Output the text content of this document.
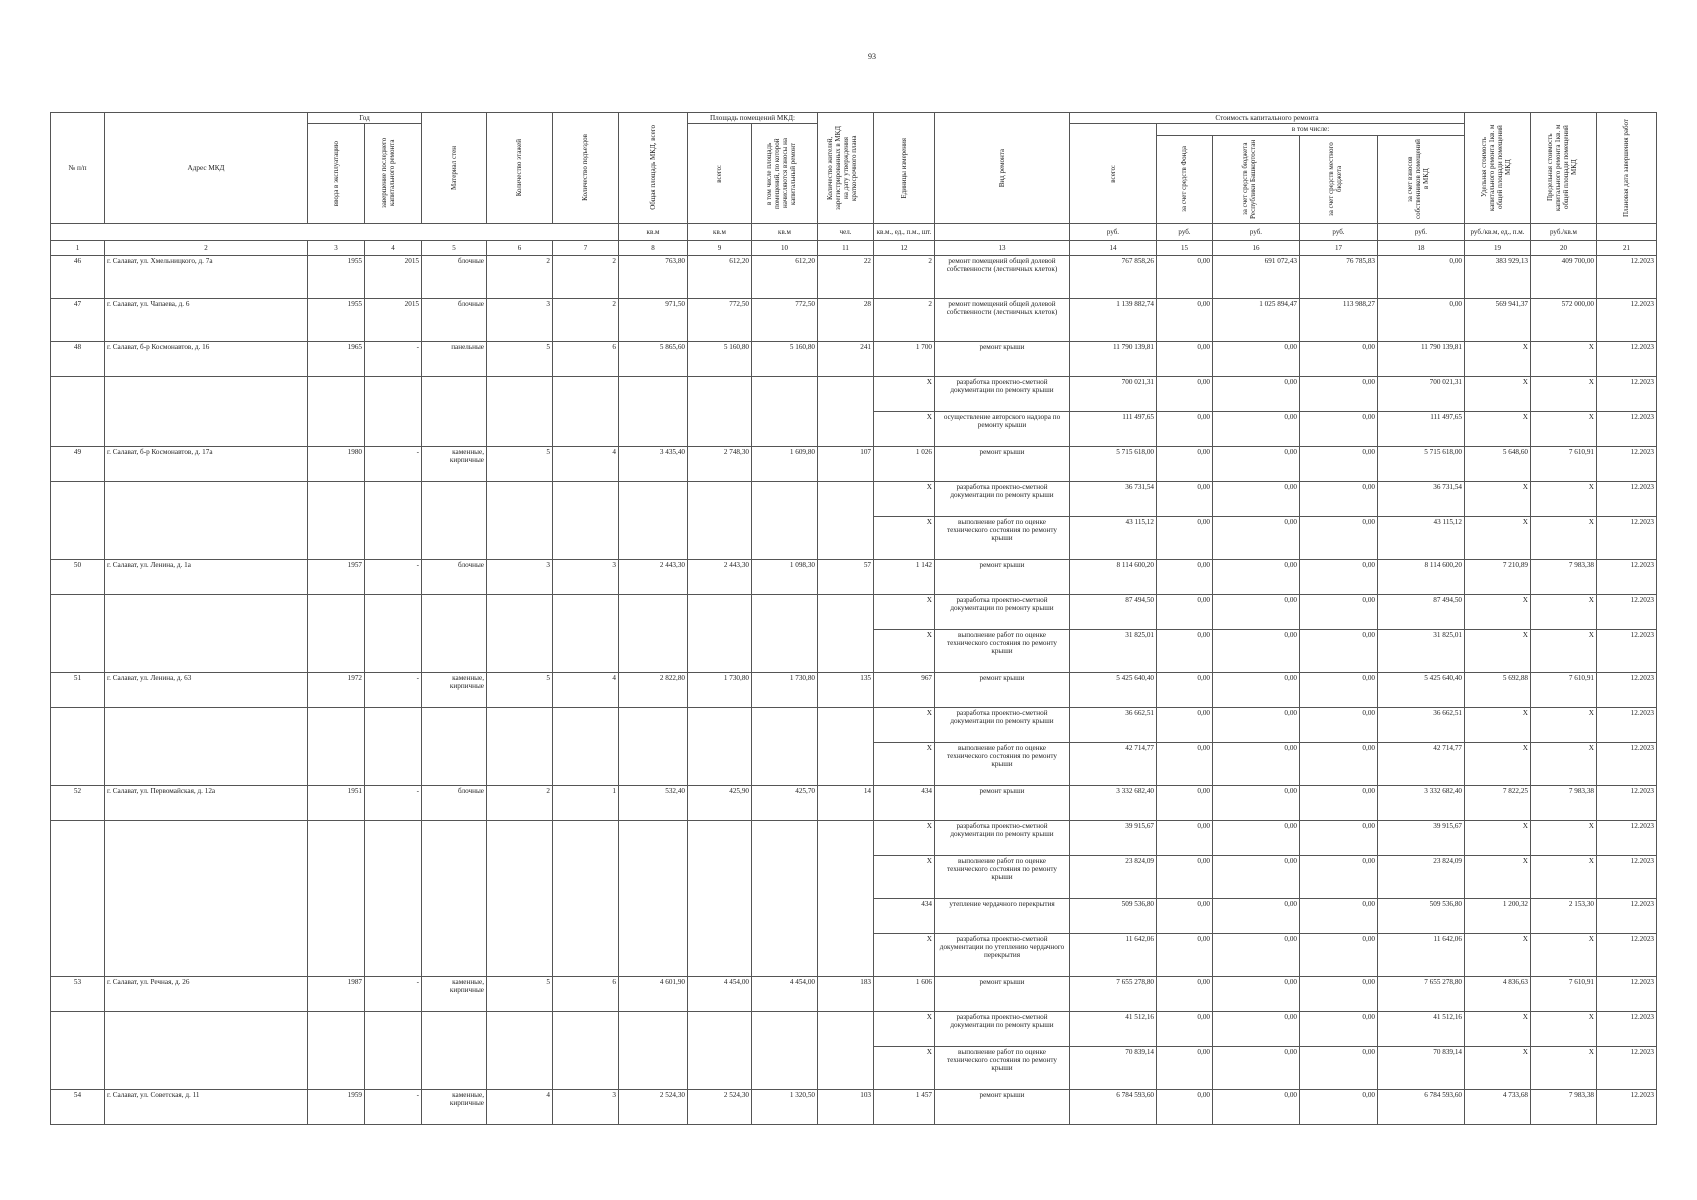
93
№ п/п	Адрес МКД	Год		Материал стен	Количество этажей	Количество подъездов	Общая площадь МКД, всего	Площадь помещений МКД:		Количество жителей, зарегистрированных в МКД на дату утверждения краткосрочного плана	Единицы измерения	Вид ремонта	Стоимость капитального ремонта					Удельная стоимость капитального ремонта 1кв. м общей площади помещений МКД	Предельная стоимость капитального ремонта 1кв. м общей площади помещений МКД	Плановая дата завершения работ

		ввода в эксплуатацию	завершение последнего капитального ремонта					всего:	в том числе площадь помещений, по которой начисляются взносы на капитальный ремонт				всего:	в том числе:						

														за счет средств Фонда	за счет средств бюджета Республики Башкортостан	за счет средств местного бюджета	за счет взносов собственников помещений в МКД			

							кв.м	кв.м	кв.м	чел.	кв.м., ед., п.м., шт.		руб.	руб.	руб.	руб.	руб.	руб./кв.м, ед., п.м.	руб./кв.м	
1	2	3	4	5	6	7	8	9	10	11	12	13	14	15	16	17	18	19	20	21
46	г. Салават, ул. Хмельницкого, д. 7а	1955	2015	блочные	2	2	763,80	612,20	612,20	22	2	ремонт помещений общей долевой собственности (лестничных клеток)	767 858,26	0,00	691 072,43	76 785,83	0,00	383 929,13	409 700,00	12.2023
47	г. Салават, ул. Чапаева, д. 6	1955	2015	блочные	3	2	971,50	772,50	772,50	28	2	ремонт помещений общей долевой собственности (лестничных клеток)	1 139 882,74	0,00	1 025 894,47	113 988,27	0,00	569 941,37	572 000,00	12.2023
48	г. Салават, б-р Космонавтов, д. 16	1965	-	панельные	5	6	5 865,60	5 160,80	5 160,80	241	1 700	ремонт крыши	11 790 139,81	0,00	0,00	0,00	11 790 139,81	X	X	12.2023
											X	разработка проектно-сметной документации по ремонту крыши	700 021,31	0,00	0,00	0,00	700 021,31	X	X	12.2023
											X	осуществление авторского надзора по ремонту крыши	111 497,65	0,00	0,00	0,00	111 497,65	X	X	12.2023
49	г. Салават, б-р Космонавтов, д. 17а	1980	-	каменные, кирпичные	5	4	3 435,40	2 748,30	1 609,80	107	1 026	ремонт крыши	5 715 618,00	0,00	0,00	0,00	5 715 618,00	5 648,60	7 610,91	12.2023
											X	разработка проектно-сметной документации по ремонту крыши	36 731,54	0,00	0,00	0,00	36 731,54	X	X	12.2023
											X	выполнение работ по оценке технического состояния по ремонту крыши	43 115,12	0,00	0,00	0,00	43 115,12	X	X	12.2023
50	г. Салават, ул. Ленина, д. 1а	1957	-	блочные	3	3	2 443,30	2 443,30	1 098,30	57	1 142	ремонт крыши	8 114 600,20	0,00	0,00	0,00	8 114 600,20	7 210,89	7 983,38	12.2023
											X	разработка проектно-сметной документации по ремонту крыши	87 494,50	0,00	0,00	0,00	87 494,50	X	X	12.2023
											X	выполнение работ по оценке технического состояния по ремонту крыши	31 825,01	0,00	0,00	0,00	31 825,01	X	X	12.2023
51	г. Салават, ул. Ленина, д. 63	1972	-	каменные, кирпичные	5	4	2 822,80	1 730,80	1 730,80	135	967	ремонт крыши	5 425 640,40	0,00	0,00	0,00	5 425 640,40	5 692,88	7 610,91	12.2023
											X	разработка проектно-сметной документации по ремонту крыши	36 662,51	0,00	0,00	0,00	36 662,51	X	X	12.2023
											X	выполнение работ по оценке технического состояния по ремонту крыши	42 714,77	0,00	0,00	0,00	42 714,77	X	X	12.2023
52	г. Салават, ул. Первомайская, д. 12а	1951	-	блочные	2	1	532,40	425,90	425,70	14	434	ремонт крыши	3 332 682,40	0,00	0,00	0,00	3 332 682,40	7 822,25	7 983,38	12.2023
											X	разработка проектно-сметной документации по ремонту крыши	39 915,67	0,00	0,00	0,00	39 915,67	X	X	12.2023
											X	выполнение работ по оценке технического состояния по ремонту крыши	23 824,09	0,00	0,00	0,00	23 824,09	X	X	12.2023
											434	утепление чердачного перекрытия	509 536,80	0,00	0,00	0,00	509 536,80	1 200,32	2 153,30	12.2023
											X	разработка проектно-сметной документации по утеплению чердачного перекрытия	11 642,06	0,00	0,00	0,00	11 642,06	X	X	12.2023
53	г. Салават, ул. Речная, д. 26	1987	-	каменные, кирпичные	5	6	4 601,90	4 454,00	4 454,00	183	1 606	ремонт крыши	7 655 278,80	0,00	0,00	0,00	7 655 278,80	4 836,63	7 610,91	12.2023
											X	разработка проектно-сметной документации по ремонту крыши	41 512,16	0,00	0,00	0,00	41 512,16	X	X	12.2023
											X	выполнение работ по оценке технического состояния по ремонту крыши	70 839,14	0,00	0,00	0,00	70 839,14	X	X	12.2023
54	г. Салават, ул. Советская, д. 11	1959	-	каменные, кирпичные	4	3	2 524,30	2 524,30	1 320,50	103	1 457	ремонт крыши	6 784 593,60	0,00	0,00	0,00	6 784 593,60	4 733,68	7 983,38	12.2023
